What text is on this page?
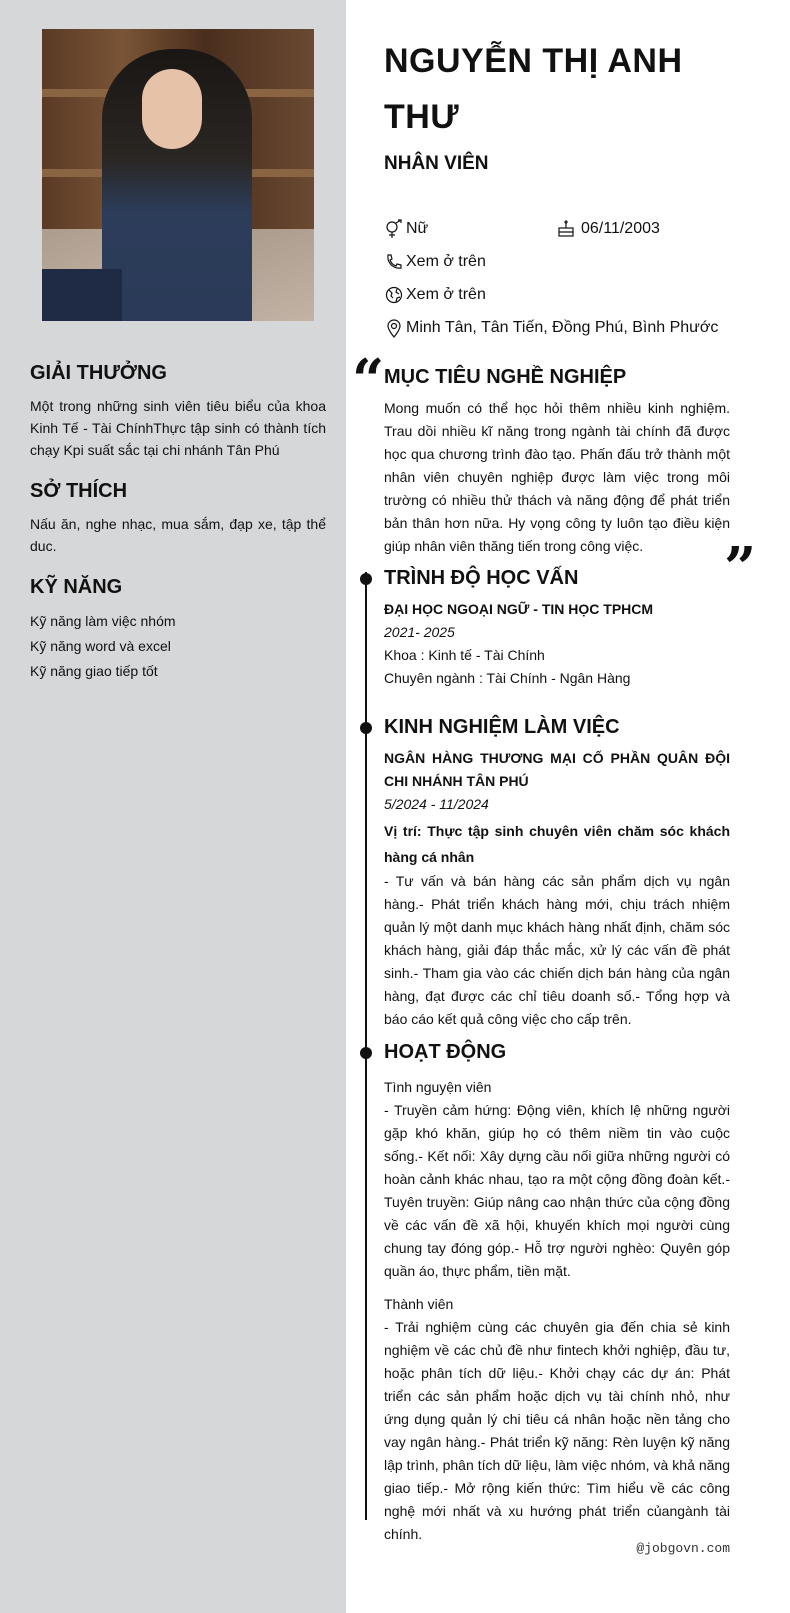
GIẢI THƯỞNG

Một trong những sinh viên tiêu biểu của khoa Kinh Tế - Tài ChínhThực tập sinh có thành tích chạy Kpi suất sắc tại chi nhánh Tân Phú

SỞ THÍCH

Nấu ăn, nghe nhạc, mua sắm, đạp xe, tập thể duc.

KỸ NĂNG
Kỹ năng làm việc nhóm
Kỹ năng word và excel
Kỹ năng giao tiếp tốt
NGUYỄN THỊ ANH THƯ
NHÂN VIÊN
Nữ	06/11/2003
Xem ở trên
Xem ở trên
Minh Tân, Tân Tiến, Đồng Phú, Bình Phước
“
”
MỤC TIÊU NGHỀ NGHIỆP

Mong muốn có thể học hỏi thêm nhiều kinh nghiệm. Trau dồi nhiều kĩ năng trong ngành tài chính đã được học qua chương trình đào tạo. Phấn đấu trở thành một nhân viên chuyên nghiệp được làm việc trong môi trường có nhiều thử thách và năng động để phát triển bản thân hơn nữa. Hy vọng công ty luôn tạo điều kiện giúp nhân viên thăng tiến trong công việc.

TRÌNH ĐỘ HỌC VẤN

ĐẠI HỌC NGOẠI NGỮ - TIN HỌC TPHCM

2021- 2025

Khoa : Kinh tế - Tài Chính

Chuyên ngành : Tài Chính - Ngân Hàng

KINH NGHIỆM LÀM VIỆC

NGÂN HÀNG THƯƠNG MẠI CỐ PHẦN QUÂN ĐỘI CHI NHÁNH TÂN PHÚ

5/2024 - 11/2024

Vị trí: Thực tập sinh chuyên viên chăm sóc khách hàng cá nhân

- Tư vấn và bán hàng các sản phẩm dịch vụ ngân hàng.- Phát triển khách hàng mới, chịu trách nhiệm quản lý một danh mục khách hàng nhất định, chăm sóc khách hàng, giải đáp thắc mắc, xử lý các vấn đề phát sinh.- Tham gia vào các chiến dịch bán hàng của ngân hàng, đạt được các chỉ tiêu doanh số.- Tổng hợp và báo cáo kết quả công việc cho cấp trên.

HOẠT ĐỘNG

Tình nguyện viên

- Truyền cảm hứng: Động viên, khích lệ những người gặp khó khăn, giúp họ có thêm niềm tin vào cuộc sống.- Kết nối: Xây dựng cầu nối giữa những người có hoàn cảnh khác nhau, tạo ra một cộng đồng đoàn kết.- Tuyên truyền: Giúp nâng cao nhận thức của cộng đồng về các vấn đề xã hội, khuyến khích mọi người cùng chung tay đóng góp.- Hỗ trợ người nghèo: Quyên góp quần áo, thực phẩm, tiền mặt.

Thành viên

- Trải nghiệm cùng các chuyên gia đến chia sẻ kinh nghiệm về các chủ đề như fintech khởi nghiệp, đầu tư, hoặc phân tích dữ liệu.- Khởi chạy các dự án: Phát triển các sản phẩm hoặc dịch vụ tài chính nhỏ, như ứng dụng quản lý chi tiêu cá nhân hoặc nền tảng cho vay ngân hàng.- Phát triển kỹ năng: Rèn luyện kỹ năng lập trình, phân tích dữ liệu, làm việc nhóm, và khả năng giao tiếp.- Mở rộng kiến thức: Tìm hiểu về các công nghệ mới nhất và xu hướng phát triển củangành tài chính.

@jobgovn.com
